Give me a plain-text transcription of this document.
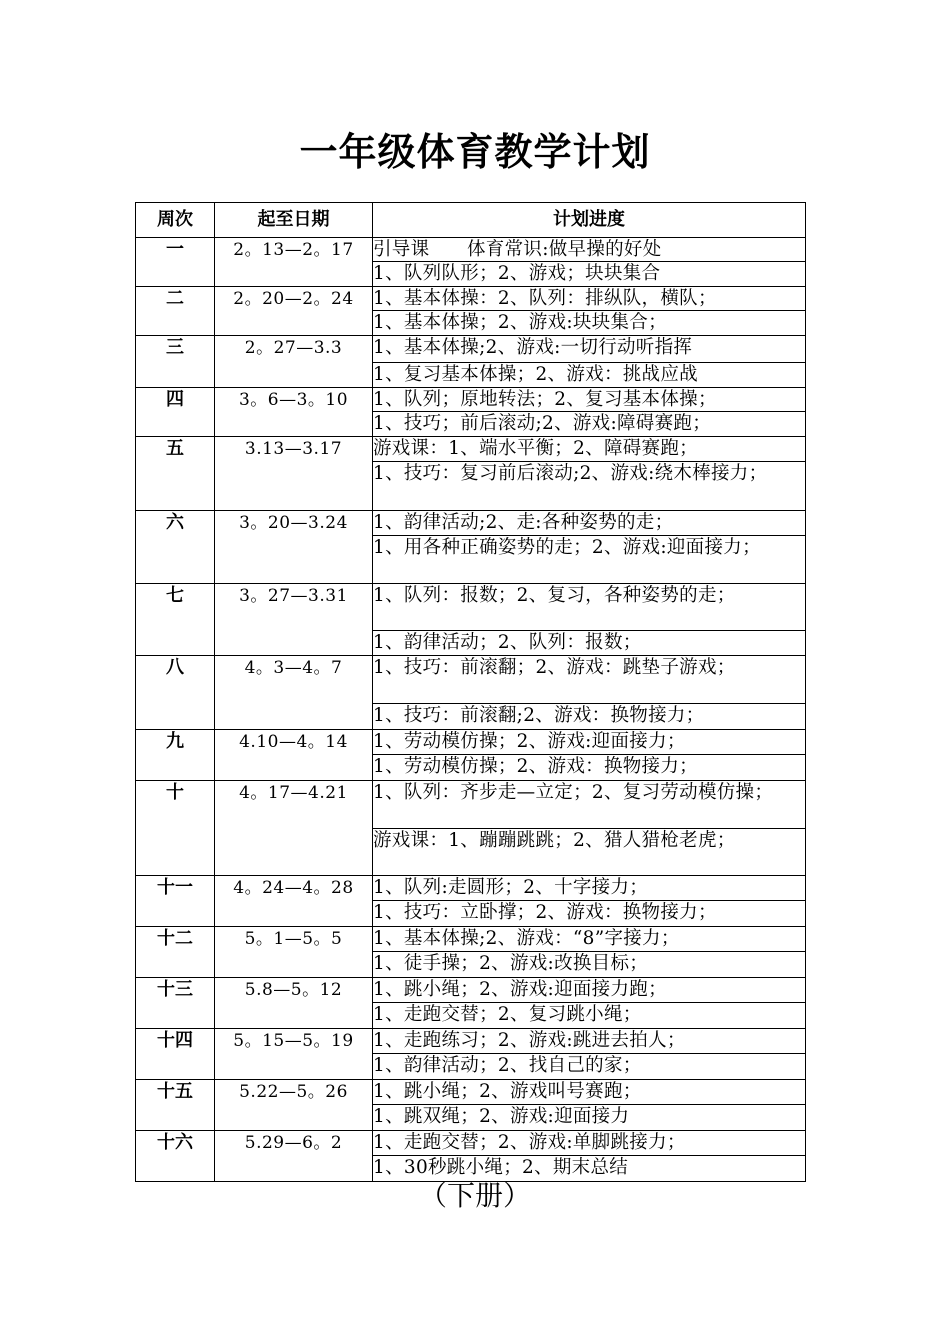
一年级体育教学计划
周次	起至日期	计划进度
一	2。13—2。17	引导课　　体育常识:做早操的好处
		1、队列队形；2、游戏；块块集合
二	2。20—2。24	1、基本体操：2、队列：排纵队，横队；
		1、基本体操；2、游戏:块块集合；
三	2。27—3.3	1、基本体操;2、游戏:一切行动听指挥
		1、复习基本体操；2、游戏：挑战应战
四	3。6—3。10	1、队列；原地转法；2、复习基本体操；
		1、技巧；前后滚动;2、游戏:障碍赛跑；
五	3.13—3.17	游戏课：1、端水平衡；2、障碍赛跑；
		1、技巧：复习前后滚动;2、游戏:绕木棒接力；
六	3。20—3.24	1、韵律活动;2、走:各种姿势的走；
		1、用各种正确姿势的走；2、游戏:迎面接力；
七	3。27—3.31	1、队列：报数；2、复习，各种姿势的走；
		1、韵律活动；2、队列：报数；
八	4。3—4。7	1、技巧：前滚翻；2、游戏：跳垫子游戏；
		1、技巧：前滚翻;2、游戏：换物接力；
九	4.10—4。14	1、劳动模仿操；2、游戏:迎面接力；
		1、劳动模仿操；2、游戏：换物接力；
十	4。17—4.21	1、队列：齐步走—立定；2、复习劳动模仿操；
		游戏课：1、蹦蹦跳跳；2、猎人猎枪老虎；
十一	4。24—4。28	1、队列:走圆形；2、十字接力；
		1、技巧：立卧撑；2、游戏：换物接力；
十二	5。1—5。5	1、基本体操;2、游戏：“8”字接力；
		1、徒手操；2、游戏:改换目标；
十三	5.8—5。12	1、跳小绳；2、游戏:迎面接力跑；
		1、走跑交替；2、复习跳小绳；
十四	5。15—5。19	1、走跑练习；2、游戏:跳进去拍人；
		1、韵律活动；2、找自己的家；
十五	5.22—5。26	1、跳小绳；2、游戏叫号赛跑；
		1、跳双绳；2、游戏:迎面接力
十六	5.29—6。2	1、走跑交替；2、游戏:单脚跳接力；
		1、30秒跳小绳；2、期末总结
（下册）
